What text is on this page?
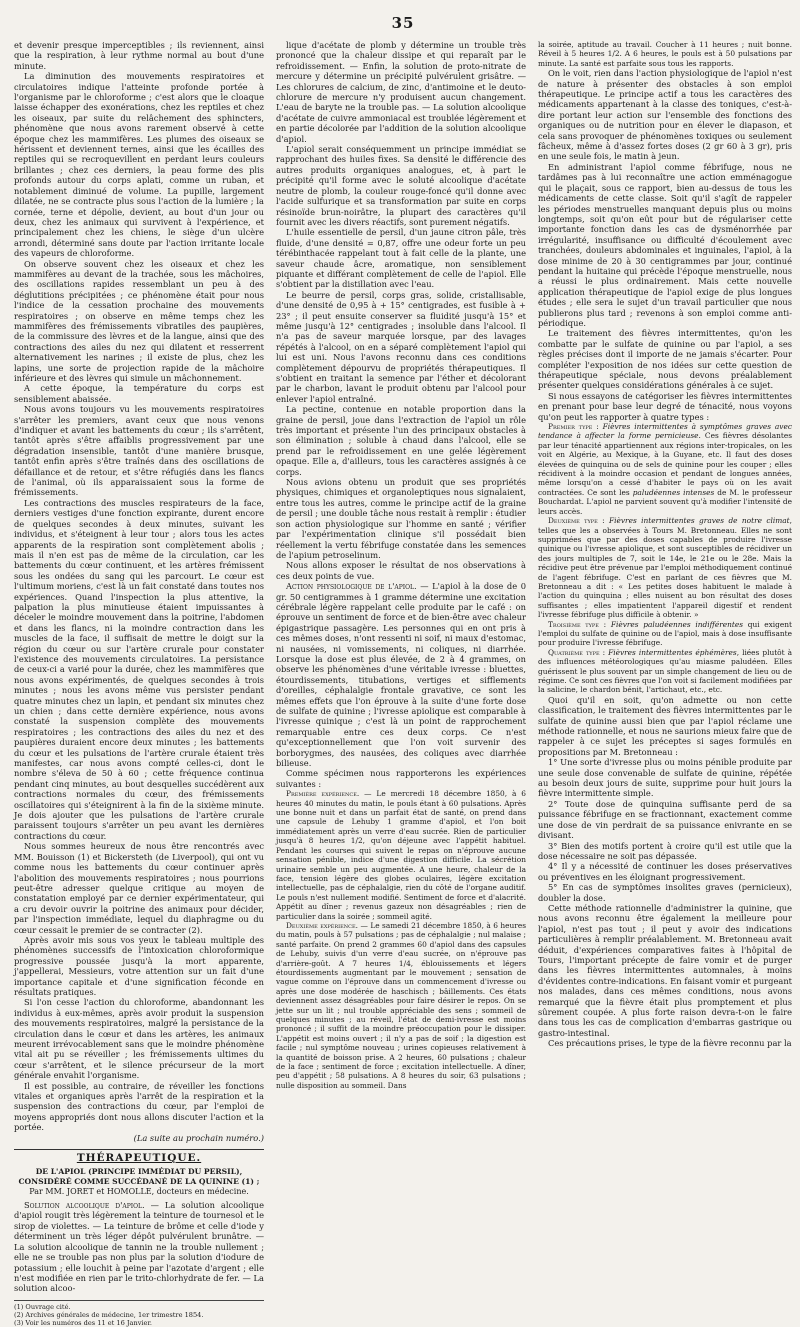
35

et devenir presque imperceptibles ; ils reviennent, ainsi que la respiration, à leur rythme normal au bout d'une minute.

La diminution des mouvements respiratoires et circulatoires indique l'atteinte profonde portée à l'organisme par le chloroforme ; c'est alors que le cloaque laisse échapper des exonérations, chez les reptiles et chez les oiseaux, par suite du relâchement des sphincters, phénomène que nous avons rarement observé à cette époque chez les mammifères. Les plumes des oiseaux se hérissent et deviennent ternes, ainsi que les écailles des reptiles qui se recroquevillent en perdant leurs couleurs brillantes ; chez ces derniers, la peau forme des plis profonds autour du corps aplati, comme un ruban, et notablement diminué de volume. La pupille, largement dilatée, ne se contracte plus sous l'action de la lumière ; la cornée, terne et dépolie, devient, au bout d'un jour ou deux, chez les animaux qui survivent à l'expérience, et principalement chez les chiens, le siège d'un ulcère arrondi, déterminé sans doute par l'action irritante locale des vapeurs de chloroforme.

On observe souvent chez les oiseaux et chez les mammifères au devant de la trachée, sous les mâchoires, des oscillations rapides ressemblant un peu à des déglutitions précipitées ; ce phénomène était pour nous l'indice de la cessation prochaine des mouvements respiratoires ; on observe en même temps chez les mammifères des frémissements vibratiles des paupières, de la commissure des lèvres et de la langue, ainsi que des contractions des ailes du nez qui dilatent et resserrent alternativement les narines ; il existe de plus, chez les lapins, une sorte de projection rapide de la mâchoire inférieure et des lèvres qui simule un mâchonnement.

A cette époque, la température du corps est sensiblement abaissée.

Nous avons toujours vu les mouvements respiratoires s'arrêter les premiers, avant ceux que nous venons d'indiquer et avant les battements du cœur ; ils s'arrêtent, tantôt après s'être affaiblis progressivement par une dégradation insensible, tantôt d'une manière brusque, tantôt enfin après s'être traînés dans des oscillations de défaillance et de retour, et s'être réfugiés dans les flancs de l'animal, où ils apparaissaient sous la forme de frémissements.

Les contractions des muscles respirateurs de la face, derniers vestiges d'une fonction expirante, durent encore de quelques secondes à deux minutes, suivant les individus, et s'éteignent à leur tour ; alors tous les actes apparents de la respiration sont complètement abolis ; mais il n'en est pas de même de la circulation, car les battements du cœur continuent, et les artères frémissent sous les ondées du sang qui les parcourt. Le cœur est l'ultimum moriens, c'est là un fait constaté dans toutes nos expériences. Quand l'inspection la plus attentive, la palpation la plus minutieuse étaient impuissantes à déceler le moindre mouvement dans la poitrine, l'abdomen et dans les flancs, ni la moindre contraction dans les muscles de la face, il suffisait de mettre le doigt sur la région du cœur ou sur l'artère crurale pour constater l'existence des mouvements circulatoires. La persistance de ceux-ci a varié pour la durée, chez les mammifères que nous avons expérimentés, de quelques secondes à trois minutes ; nous les avons même vus persister pendant quatre minutes chez un lapin, et pendant six minutes chez un chien ; dans cette dernière expérience, nous avons constaté la suspension complète des mouvements respiratoires ; les contractions des ailes du nez et des paupières duraient encore deux minutes ; les battements du cœur et les pulsations de l'artère crurale étaient très manifestes, car nous avons compté celles-ci, dont le nombre s'éleva de 50 à 60 ; cette fréquence continua pendant cinq minutes, au bout desquelles succédèrent aux contractions normales du cœur, des frémissements oscillatoires qui s'éteignirent à la fin de la sixième minute. Je dois ajouter que les pulsations de l'artère crurale paraissent toujours s'arrêter un peu avant les dernières contractions du cœur.

Nous sommes heureux de nous être rencontrés avec MM. Bouisson (1) et Bickersteth (de Liverpool), qui ont vu comme nous les battements du cœur continuer après l'abolition des mouvements respiratoires ; nous pourrions peut-être adresser quelque critique au moyen de constatation employé par ce dernier expérimentateur, qui a cru devoir ouvrir la poitrine des animaux pour décider, par l'inspection immédiate, lequel du diaphragme ou du cœur cessait le premier de se contracter (2).

Après avoir mis sous vos yeux le tableau multiple des phénomènes successifs de l'intoxication chloroformique progressive poussée jusqu'à la mort apparente, j'appellerai, Messieurs, votre attention sur un fait d'une importance capitale et d'une signification féconde en résultats pratiques.

Si l'on cesse l'action du chloroforme, abandonnant les individus à eux-mêmes, après avoir produit la suspension des mouvements respiratoires, malgré la persistance de la circulation dans le cœur et dans les artères, les animaux meurent irrévocablement sans que le moindre phénomène vital ait pu se réveiller ; les frémissements ultimes du cœur s'arrêtent, et le silence précurseur de la mort générale envahit l'organisme.

Il est possible, au contraire, de réveiller les fonctions vitales et organiques après l'arrêt de la respiration et la suspension des contractions du cœur, par l'emploi de moyens appropriés dont nous allons discuter l'action et la portée.

(La suite au prochain numéro.)

THÉRAPEUTIQUE.
DE L'APIOL (PRINCIPE IMMÉDIAT DU PERSIL), CONSIDÉRÉ COMME SUCCÉDANÉ DE LA QUININE (1) ;
Par MM. JORET et HOMOLLE, docteurs en médecine.

Solution alcoolique d'apiol. — La solution alcoolique d'apiol rougit très légèrement la teinture de tournesol et le sirop de violettes. — La teinture de brôme et celle d'iode y déterminent un très léger dépôt pulvérulent brunâtre. — La solution alcoolique de tannin ne la trouble nullement ; elle ne se trouble pas non plus par la solution d'iodure de potassium ; elle louchit à peine par l'azotate d'argent ; elle n'est modifiée en rien par le trito-chlorhydrate de fer. — La solution alcoo-

(1) Ouvrage cité.
(2) Archives générales de médecine, 1er trimestre 1854.
(3) Voir les numéros des 11 et 16 Janvier.

lique d'acétate de plomb y détermine un trouble très prononcé que la chaleur dissipe et qui reparaît par le refroidissement. — Enfin, la solution de proto-nitrate de mercure y détermine un précipité pulvérulent grisâtre. — Les chlorures de calcium, de zinc, d'antimoine et le deuto-chlorure de mercure n'y produisent aucun changement. L'eau de baryte ne la trouble pas. — La solution alcoolique d'acétate de cuivre ammoniacal est troublée légèrement et en partie décolorée par l'addition de la solution alcoolique d'apiol.

L'apiol serait conséquemment un principe immédiat se rapprochant des huiles fixes. Sa densité le différencie des autres produits organiques analogues, et, à part le précipité qu'il forme avec le soluté alcoolique d'acétate neutre de plomb, la couleur rouge-foncé qu'il donne avec l'acide sulfurique et sa transformation par suite en corps résinoïde brun-noirâtre, la plupart des caractères qu'il fournit avec les divers réactifs, sont purement négatifs.

L'huile essentielle de persil, d'un jaune citron pâle, très fluide, d'une densité = 0,87, offre une odeur forte un peu térébinthacée rappelant tout à fait celle de la plante, une saveur chaude âcre, aromatique, non sensiblement piquante et différant complètement de celle de l'apiol. Elle s'obtient par la distillation avec l'eau.

Le beurre de persil, corps gras, solide, cristallisable, d'une densité de 0,95 à + 15° centigrades, est fusible à + 23° ; il peut ensuite conserver sa fluidité jusqu'à 15° et même jusqu'à 12° centigrades ; insoluble dans l'alcool. Il n'a pas de saveur marquée lorsque, par des lavages répétés à l'alcool, on en a séparé complètement l'apiol qui lui est uni. Nous l'avons reconnu dans ces conditions complètement dépourvu de propriétés thérapeutiques. Il s'obtient en traitant la semence par l'éther et décolorant par le charbon, lavant le produit obtenu par l'alcool pour enlever l'apiol entraîné.

La pectine, contenue en notable proportion dans la graine de persil, joue dans l'extraction de l'apiol un rôle très important et présente l'un des principaux obstacles à son élimination ; soluble à chaud dans l'alcool, elle se prend par le refroidissement en une gelée légèrement opaque. Elle a, d'ailleurs, tous les caractères assignés à ce corps.

Nous avions obtenu un produit que ses propriétés physiques, chimiques et organoleptiques nous signalaient, entre tous les autres, comme le principe actif de la graine de persil ; une double tâche nous restait à remplir : étudier son action physiologique sur l'homme en santé ; vérifier par l'expérimentation clinique s'il possédait bien réellement la vertu fébrifuge constatée dans les semences de l'apium petroselinum.

Nous allons exposer le résultat de nos observations à ces deux points de vue.

Action physiologique de l'apiol. — L'apiol à la dose de 0 gr. 50 centigrammes à 1 gramme détermine une excitation cérébrale légère rappelant celle produite par le café : on éprouve un sentiment de force et de bien-être avec chaleur épigastrique passagère. Les personnes qui en ont pris à ces mêmes doses, n'ont ressenti ni soif, ni maux d'estomac, ni nausées, ni vomissements, ni coliques, ni diarrhée. Lorsque la dose est plus élevée, de 2 à 4 grammes, on observe les phénomènes d'une véritable ivresse : bluettes, étourdissements, titubations, vertiges et sifflements d'oreilles, céphalalgie frontale gravative, ce sont les mêmes effets que l'on éprouve à la suite d'une forte dose de sulfate de quinine ; l'ivresse apiolique est comparable à l'ivresse quinique ; c'est là un point de rapprochement remarquable entre ces deux corps. Ce n'est qu'exceptionnellement que l'on voit survenir des borborygmes, des nausées, des coliques avec diarrhée bilieuse.

Comme spécimen nous rapporterons les expériences suivantes :

Première expérience. — Le mercredi 18 décembre 1850, à 6 heures 40 minutes du matin, le pouls étant à 60 pulsations. Après une bonne nuit et dans un parfait état de santé, on prend dans une capsule de Lehuby 1 gramme d'apiol, et l'on boit immédiatement après un verre d'eau sucrée. Rien de particulier jusqu'à 8 heures 1/2, qu'on déjeune avec l'appétit habituel. Pendant les courses qui suivent le repas on n'éprouve aucune sensation pénible, indice d'une digestion difficile. La sécrétion urinaire semble un peu augmentée. A une heure, chaleur de la face, tension légère des globes oculaires, légère excitation intellectuelle, pas de céphalalgie, rien du côté de l'organe auditif. Le pouls n'est nullement modifié. Sentiment de force et d'alacrité. Appétit au dîner ; revenus gazeux non désagréables ; rien de particulier dans la soirée ; sommeil agité.

Deuxième expérience. — Le samedi 21 décembre 1850, à 6 heures du matin, pouls à 57 pulsations ; pas de céphalalgie ; nul malaise ; santé parfaite. On prend 2 grammes 60 d'apiol dans des capsules de Lehuby, suivis d'un verre d'eau sucrée, on n'éprouve pas d'arrière-goût. A 7 heures 1/4, éblouissements et légers étourdissements augmentant par le mouvement ; sensation de vague comme on l'éprouve dans un commencement d'ivresse ou après une dose modérée de haschisch ; bâillements. Ces états deviennent assez désagréables pour faire désirer le repos. On se jette sur un lit ; nul trouble appréciable des sens ; sommeil de quelques minutes ; au réveil, l'état de demi-ivresse est moins prononcé ; il suffit de la moindre préoccupation pour le dissiper. L'appétit est moins ouvert ; il n'y a pas de soif ; la digestion est facile ; nul symptôme nouveau ; urines copieuses relativement à la quantité de boisson prise. A 2 heures, 60 pulsations ; chaleur de la face ; sentiment de force ; excitation intellectuelle. A dîner, peu d'appétit ; 58 pulsations. A 8 heures du soir, 63 pulsations ; nulle disposition au sommeil. Dans

la soirée, aptitude au travail. Coucher à 11 heures ; nuit bonne. Réveil à 5 heures 1/2. A 6 heures, le pouls est à 50 pulsations par minute. La santé est parfaite sous tous les rapports.

On le voit, rien dans l'action physiologique de l'apiol n'est de nature à présenter des obstacles à son emploi thérapeutique. Le principe actif a tous les caractères des médicaments appartenant à la classe des toniques, c'est-à-dire portant leur action sur l'ensemble des fonctions des organiques ou de nutrition pour en élever le diapason, et cela sans provoquer de phénomènes toxiques ou seulement fâcheux, même à d'assez fortes doses (2 gr 60 à 3 gr), pris en une seule fois, le matin à jeun.

En administrant l'apiol comme fébrifuge, nous ne tardâmes pas à lui reconnaître une action emménagogue qui le plaçait, sous ce rapport, bien au-dessus de tous les médicaments de cette classe. Soit qu'il s'agît de rappeler les périodes menstruelles manquant depuis plus ou moins longtemps, soit qu'on eût pour but de régulariser cette importante fonction dans les cas de dysménorrhée par irrégularité, insuffisance ou difficulté d'écoulement avec tranchées, douleurs abdominales et inguinales, l'apiol, à la dose minime de 20 à 30 centigrammes par jour, continué pendant la huitaine qui précède l'époque menstruelle, nous a réussi le plus ordinairement. Mais cette nouvelle application thérapeutique de l'apiol exige de plus longues études ; elle sera le sujet d'un travail particulier que nous publierons plus tard ; revenons à son emploi comme anti-périodique.

Le traitement des fièvres intermittentes, qu'on les combatte par le sulfate de quinine ou par l'apiol, a ses règles précises dont il importe de ne jamais s'écarter. Pour compléter l'exposition de nos idées sur cette question de thérapeutique spéciale, nous devons préalablement présenter quelques considérations générales à ce sujet.

Si nous essayons de catégoriser les fièvres intermittentes en prenant pour base leur degré de ténacité, nous voyons qu'on peut les rapporter à quatre types :

Premier type : Fièvres intermittentes à symptômes graves avec tendance à affecter la forme pernicieuse. Ces fièvres désolantes par leur ténacité appartiennent aux régions inter-tropicales, on les voit en Algérie, au Mexique, à la Guyane, etc. Il faut des doses élevées de quinquina ou de sels de quinine pour les couper ; elles récidivent à la moindre occasion et pendant de longues années, même lorsqu'on a cessé d'habiter le pays où on les avait contractées. Ce sont les paludéennes intenses de M. le professeur Bouchardat. L'apiol ne parvient souvent qu'à modifier l'intensité de leurs accès.

Deuxième type : Fièvres intermittentes graves de notre climat, telles que les a observées à Tours M. Bretonneau. Elles ne sont supprimées que par des doses capables de produire l'ivresse quinique ou l'ivresse apiolique, et sont susceptibles de récidiver un des jours multiples de 7, soit le 14e, le 21e ou le 28e. Mais la récidive peut être prévenue par l'emploi méthodiquement continué de l'agent fébrifuge. C'est en parlant de ces fièvres que M. Bretonneau a dit : « Les petites doses habituent le malade à l'action du quinquina ; elles nuisent au bon résultat des doses suffisantes ; elles impatientent l'appareil digestif et rendent l'ivresse fébrifuge plus difficile à obtenir. »

Troisième type : Fièvres paludéennes indifférentes qui exigent l'emploi du sulfate de quinine ou de l'apiol, mais à dose insuffisante pour produire l'ivresse fébrifuge.

Quatrième type : Fièvres intermittentes éphémères, liées plutôt à des influences météorologiques qu'au miasme paludéen. Elles guérissent le plus souvent par un simple changement de lieu ou de régime. Ce sont ces fièvres que l'on voit si facilement modifiées par la salicine, le chardon bénit, l'artichaut, etc., etc.

Quoi qu'il en soit, qu'on admette ou non cette classification, le traitement des fièvres intermittentes par le sulfate de quinine aussi bien que par l'apiol réclame une méthode rationnelle, et nous ne saurions mieux faire que de rappeler à ce sujet les préceptes si sages formulés en propositions par M. Bretonneau :

1° Une sorte d'ivresse plus ou moins pénible produite par une seule dose convenable de sulfate de quinine, répétée au besoin deux jours de suite, supprime pour huit jours la fièvre intermittente simple.

2° Toute dose de quinquina suffisante perd de sa puissance fébrifuge en se fractionnant, exactement comme une dose de vin perdrait de sa puissance enivrante en se divisant.

3° Bien des motifs portent à croire qu'il est utile que la dose nécessaire ne soit pas dépassée.

4° Il y a nécessité de continuer les doses préservatives ou préventives en les éloignant progressivement.

5° En cas de symptômes insolites graves (pernicieux), doubler la dose.

Cette méthode rationnelle d'administrer la quinine, que nous avons reconnu être également la meilleure pour l'apiol, n'est pas tout ; il peut y avoir des indications particulières à remplir préalablement. M. Bretonneau avait déduit, d'expériences comparatives faites à l'hôpital de Tours, l'important précepte de faire vomir et de purger dans les fièvres intermittentes automnales, à moins d'évidentes contre-indications. En faisant vomir et purgeant nos malades, dans ces mêmes conditions, nous avons remarqué que la fièvre était plus promptement et plus sûrement coupée. A plus forte raison devra-t-on le faire dans tous les cas de complication d'embarras gastrique ou gastro-intestinal.

Ces précautions prises, le type de la fièvre reconnu par la
